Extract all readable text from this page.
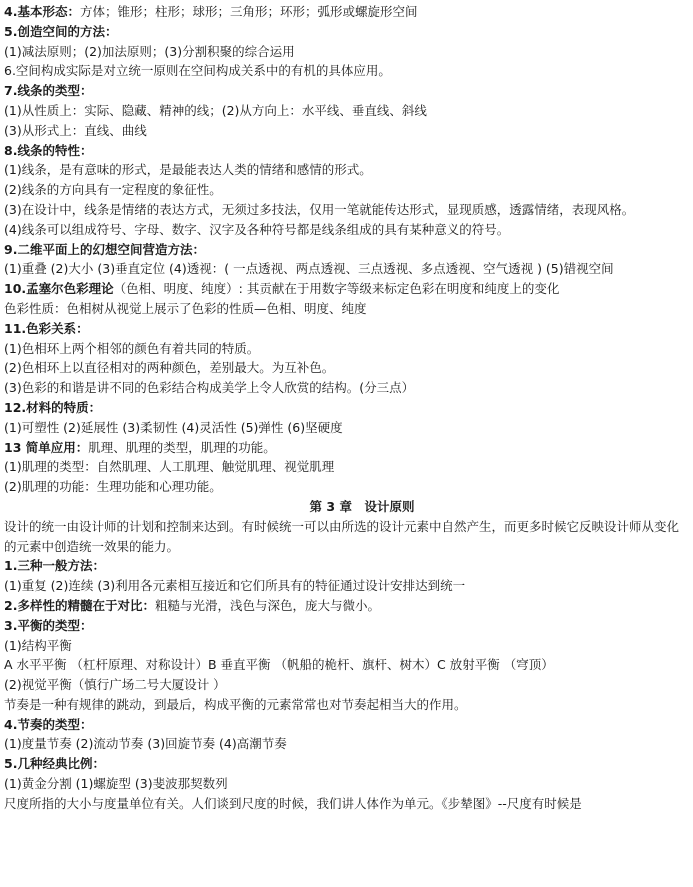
4.基本形态：方体；锥形；柱形；球形；三角形；环形；弧形或螺旋形空间
5.创造空间的方法：
(1)减法原则；(2)加法原则；(3)分割积聚的综合运用
6.空间构成实际是对立统一原则在空间构成关系中的有机的具体应用。
7.线条的类型：
(1)从性质上：实际、隐藏、精神的线；(2)从方向上：水平线、垂直线、斜线
(3)从形式上：直线、曲线
8.线条的特性：
(1)线条，是有意味的形式，是最能表达人类的情绪和感情的形式。
(2)线条的方向具有一定程度的象征性。
(3)在设计中，线条是情绪的表达方式，无须过多技法，仅用一笔就能传达形式，显现质感，透露情绪，表现风格。
(4)线条可以组成符号、字母、数字、汉字及各种符号都是线条组成的具有某种意义的符号。
9.二维平面上的幻想空间营造方法：
(1)重叠 (2)大小 (3)垂直定位 (4)透视：( 一点透视、两点透视、三点透视、多点透视、空气透视 ) (5)错视空间
10.孟塞尔色彩理论（色相、明度、纯度）: 其贡献在于用数字等级来标定色彩在明度和纯度上的变化
色彩性质：色相树从视觉上展示了色彩的性质—色相、明度、纯度
11.色彩关系：
(1)色相环上两个相邻的颜色有着共同的特质。
(2)色相环上以直径相对的两种颜色，差别最大。为互补色。
(3)色彩的和谐是讲不同的色彩结合构成美学上令人欣赏的结构。(分三点）
12.材料的特质：
(1)可塑性 (2)延展性 (3)柔韧性 (4)灵活性 (5)弹性 (6)坚硬度
13 简单应用：肌理、肌理的类型，肌理的功能。
(1)肌理的类型：自然肌理、人工肌理、触觉肌理、视觉肌理
(2)肌理的功能：生理功能和心理功能。
第 3 章　设计原则
设计的统一由设计师的计划和控制来达到。有时候统一可以由所选的设计元素中自然产生，而更多时候它反映设计师从变化的元素中创造统一效果的能力。
1.三种一般方法：
(1)重复 (2)连续 (3)利用各元素相互接近和它们所具有的特征通过设计安排达到统一
2.多样性的精髓在于对比：粗糙与光滑，浅色与深色，庞大与微小。
3.平衡的类型：
(1)结构平衡
A 水平平衡 （杠杆原理、对称设计）B 垂直平衡 （帆船的桅杆、旗杆、树木）C 放射平衡 （穹顶）
(2)视觉平衡（慎行广场二号大厦设计 ）
节奏是一种有规律的跳动，到最后，构成平衡的元素常常也对节奏起相当大的作用。
4.节奏的类型：
(1)度量节奏 (2)流动节奏 (3)回旋节奏 (4)高潮节奏
5.几种经典比例：
(1)黄金分割 (1)螺旋型 (3)斐波那契数列
尺度所指的大小与度量单位有关。人们谈到尺度的时候，我们讲人体作为单元。《步辇图》--尺度有时候是
